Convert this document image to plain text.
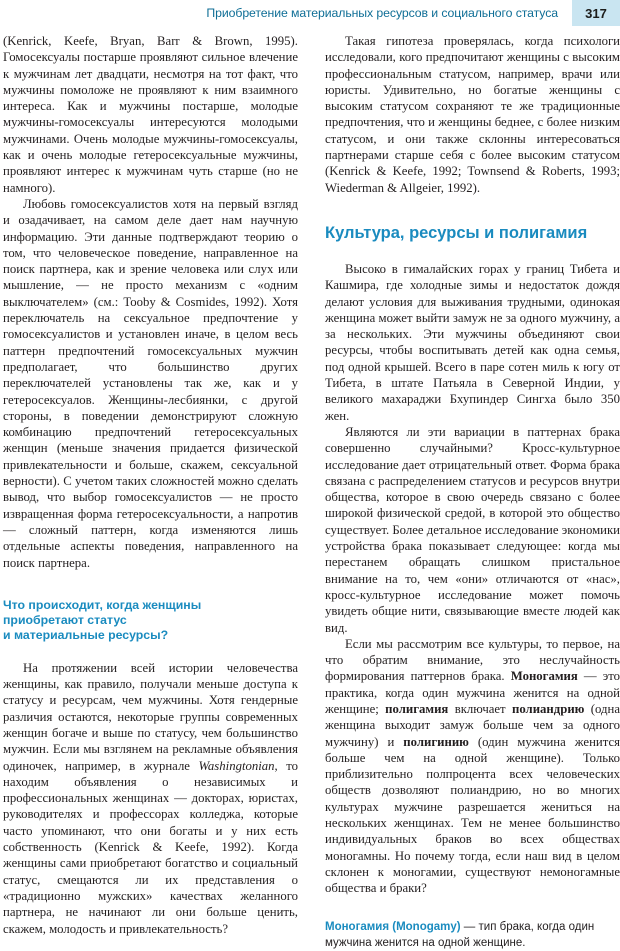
Приобретение материальных ресурсов и социального статуса	317

(Kenrick, Keefe, Bryan, Barr & Brown, 1995). Гомосексуалы постарше проявляют сильное влечение к мужчинам лет двадцати, несмотря на тот факт, что мужчины помоложе не проявляют к ним взаимного интереса. Как и мужчины постарше, молодые мужчины-гомосексуалы интересуются молодыми мужчинами. Очень молодые мужчины-гомосексуалы, как и очень молодые гетеросексуальные мужчины, проявляют интерес к мужчинам чуть старше (но не намного).

Любовь гомосексуалистов хотя на первый взгляд и озадачивает, на самом деле дает нам научную информацию. Эти данные подтверждают теорию о том, что человеческое поведение, направленное на поиск партнера, как и зрение человека или слух или мышление, — не просто механизм с «одним выключателем» (см.: Tooby & Cosmides, 1992). Хотя переключатель на сексуальное предпочтение у гомосексуалистов и установлен иначе, в целом весь паттерн предпочтений гомосексуальных мужчин предполагает, что большинство других переключателей установлены так же, как и у гетеросексуалов. Женщины-лесбиянки, с другой стороны, в поведении демонстрируют сложную комбинацию предпочтений гетеросексуальных женщин (меньше значения придается физической привлекательности и больше, скажем, сексуальной верности). С учетом таких сложностей можно сделать вывод, что выбор гомосексуалистов — не просто извращенная форма гетеросексуальности, а напротив — сложный паттерн, когда изменяются лишь отдельные аспекты поведения, направленного на поиск партнера.

Что происходит, когда женщины
приобретают статус
и материальные ресурсы?

На протяжении всей истории человечества женщины, как правило, получали меньше доступа к статусу и ресурсам, чем мужчины. Хотя гендерные различия остаются, некоторые группы современных женщин богаче и выше по статусу, чем большинство мужчин. Если мы взглянем на рекламные объявления одиночек, например, в журнале Washingtonian, то находим объявления о независимых и профессиональных женщинах — докторах, юристах, руководителях и профессорах колледжа, которые часто упоминают, что они богаты и у них есть собственность (Kenrick & Keefe, 1992). Когда женщины сами приобретают богатство и социальный статус, смещаются ли их представления о «традиционно мужских» качествах желанного партнера, не начинают ли они больше ценить, скажем, молодость и привлекательность?

Такая гипотеза проверялась, когда психологи исследовали, кого предпочитают женщины с высоким профессиональным статусом, например, врачи или юристы. Удивительно, но богатые женщины с высоким статусом сохраняют те же традиционные предпочтения, что и женщины беднее, с более низким статусом, и они также склонны интересоваться партнерами старше себя с более высоким статусом (Kenrick & Keefe, 1992; Townsend & Roberts, 1993; Wiederman & Allgeier, 1992).

Культура, ресурсы и полигамия

Высоко в гималайских горах у границ Тибета и Кашмира, где холодные зимы и недостаток дождя делают условия для выживания трудными, одинокая женщина может выйти замуж не за одного мужчину, а за нескольких. Эти мужчины объединяют свои ресурсы, чтобы воспитывать детей как одна семья, под одной крышей. Всего в паре сотен миль к югу от Тибета, в штате Патьяла в Северной Индии, у великого махараджи Бхупиндер Сингха было 350 жен.

Являются ли эти вариации в паттернах брака совершенно случайными? Кросс-культурное исследование дает отрицательный ответ. Форма брака связана с распределением статусов и ресурсов внутри общества, которое в свою очередь связано с более широкой физической средой, в которой это общество существует. Более детальное исследование экономики устройства брака показывает следующее: когда мы перестанем обращать слишком пристальное внимание на то, чем «они» отличаются от «нас», кросс-культурное исследование может помочь увидеть общие нити, связывающие вместе людей как вид.

Если мы рассмотрим все культуры, то первое, на что обратим внимание, это неслучайность формирования паттернов брака. Моногамия — это практика, когда один мужчина женится на одной женщине; полигамия включает полиандрию (одна женщина выходит замуж больше чем за одного мужчину) и полигинию (один мужчина женится больше чем на одной женщине). Только приблизительно полпроцента всех человеческих обществ дозволяют полиандрию, но во многих культурах мужчине разрешается жениться на нескольких женщинах. Тем не менее большинство индивидуальных браков во всех обществах моногамны. Но почему тогда, если наш вид в целом склонен к моногамии, существуют немоногамные общества и браки?

Моногамия (Monogamy) — тип брака, когда один мужчина женится на одной женщине.
